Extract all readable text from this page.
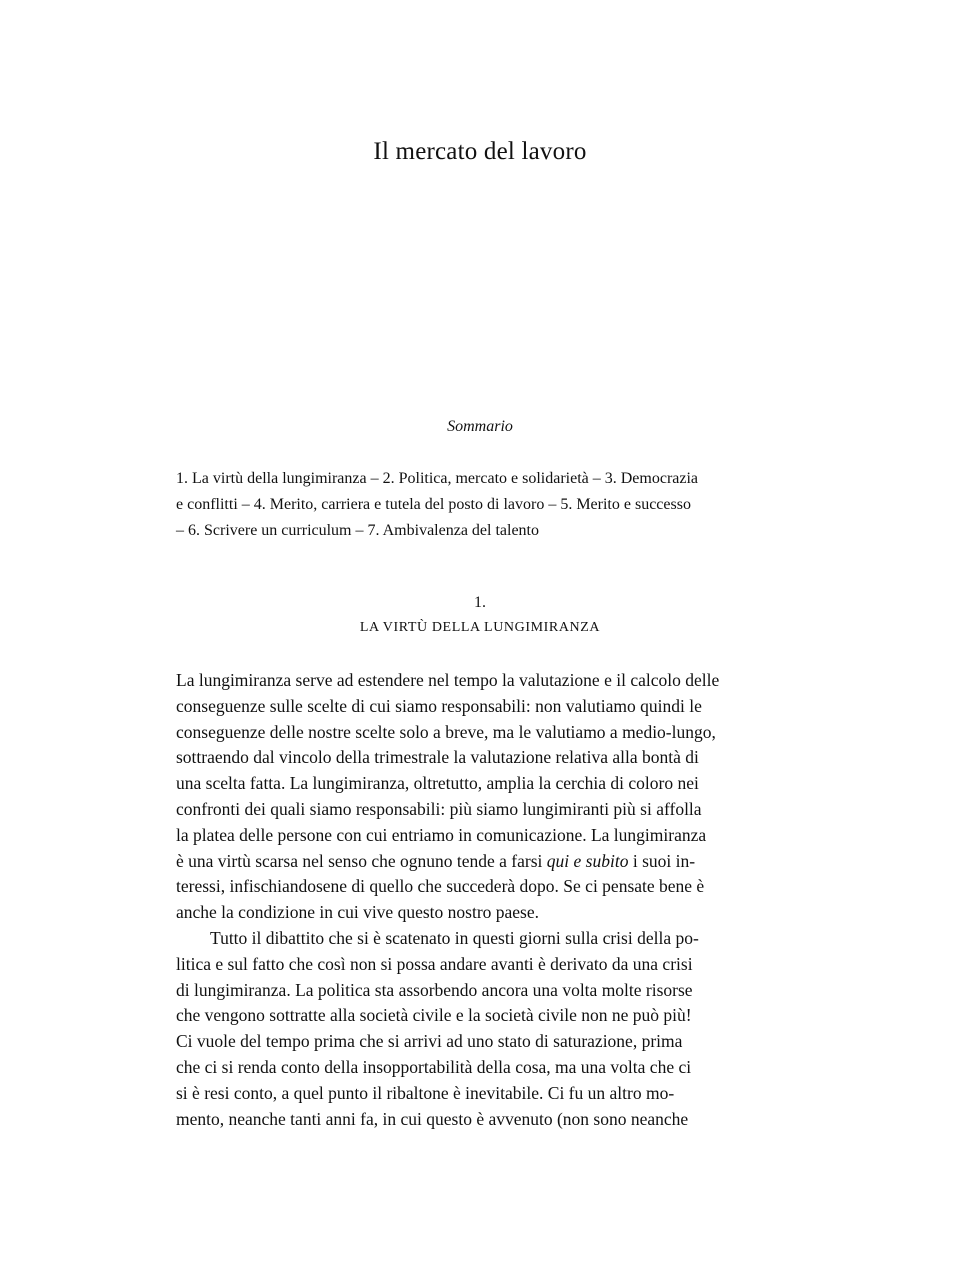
Il mercato del lavoro
Sommario
1. La virtù della lungimiranza – 2. Politica, mercato e solidarietà – 3. Democrazia
e conflitti – 4. Merito, carriera e tutela del posto di lavoro – 5. Merito e successo
– 6. Scrivere un curriculum – 7. Ambivalenza del talento
1.
LA VIRTÙ DELLA LUNGIMIRANZA
La lungimiranza serve ad estendere nel tempo la valutazione e il calcolo delle
conseguenze sulle scelte di cui siamo responsabili: non valutiamo quindi le
conseguenze delle nostre scelte solo a breve, ma le valutiamo a medio-lungo,
sottraendo dal vincolo della trimestrale la valutazione relativa alla bontà di
una scelta fatta. La lungimiranza, oltretutto, amplia la cerchia di coloro nei
confronti dei quali siamo responsabili: più siamo lungimiranti più si affolla
la platea delle persone con cui entriamo in comunicazione. La lungimiranza
è una virtù scarsa nel senso che ognuno tende a farsi qui e subito i suoi in-
teressi, infischiandosene di quello che succederà dopo. Se ci pensate bene è
anche la condizione in cui vive questo nostro paese.
Tutto il dibattito che si è scatenato in questi giorni sulla crisi della po-
litica e sul fatto che così non si possa andare avanti è derivato da una crisi
di lungimiranza. La politica sta assorbendo ancora una volta molte risorse
che vengono sottratte alla società civile e la società civile non ne può più!
Ci vuole del tempo prima che si arrivi ad uno stato di saturazione, prima
che ci si renda conto della insopportabilità della cosa, ma una volta che ci
si è resi conto, a quel punto il ribaltone è inevitabile. Ci fu un altro mo-
mento, neanche tanti anni fa, in cui questo è avvenuto (non sono neanche
